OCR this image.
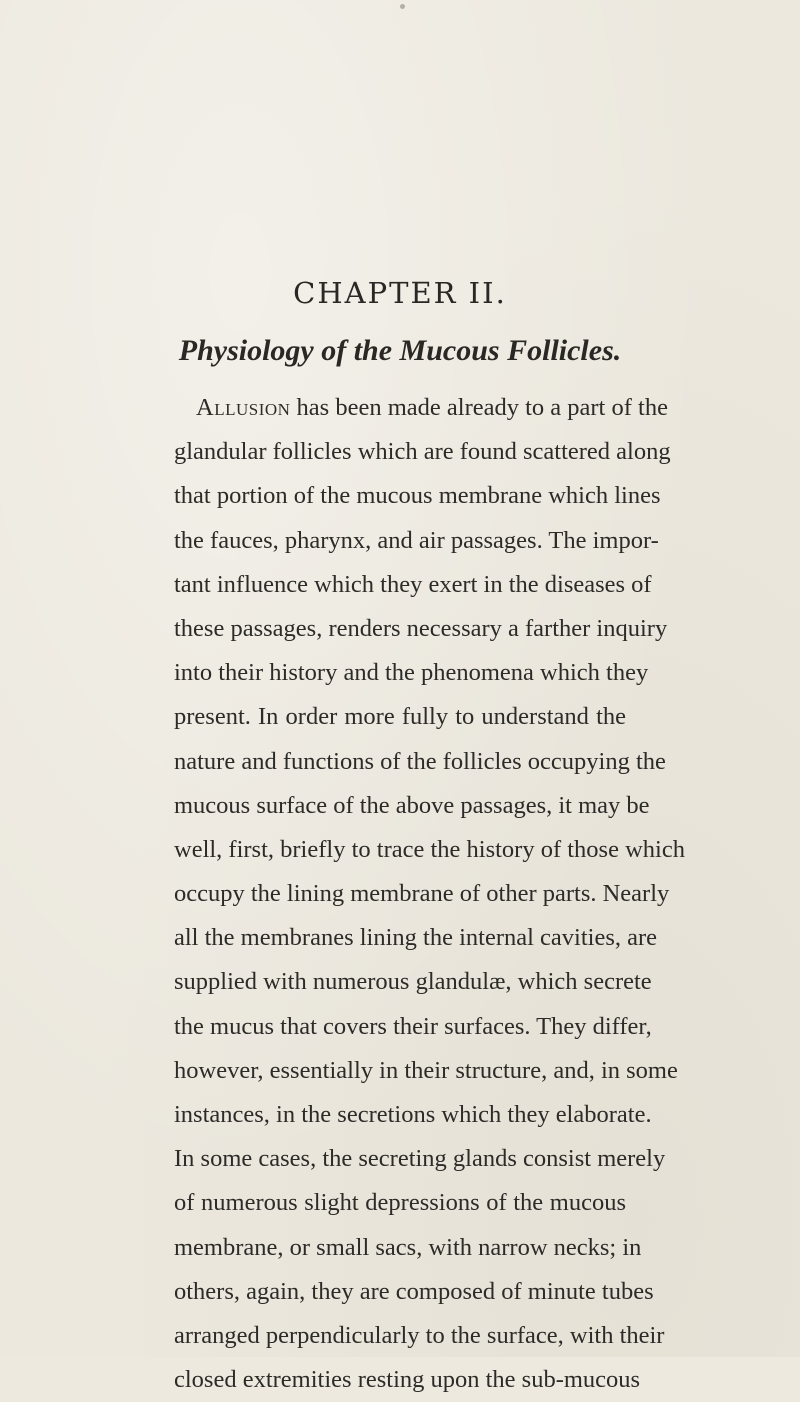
CHAPTER II.
Physiology of the Mucous Follicles.
Allusion has been made already to a part of the
glandular follicles which are found scattered along
that portion of the mucous membrane which lines
the fauces, pharynx, and air passages. The impor-
tant influence which they exert in the diseases of
these passages, renders necessary a farther inquiry
into their history and the phenomena which they
present. In order more fully to understand the
nature and functions of the follicles occupying the
mucous surface of the above passages, it may be
well, first, briefly to trace the history of those which
occupy the lining membrane of other parts. Nearly
all the membranes lining the internal cavities, are
supplied with numerous glandulæ, which secrete
the mucus that covers their surfaces. They differ,
however, essentially in their structure, and, in some
instances, in the secretions which they elaborate.
In some cases, the secreting glands consist merely
of numerous slight depressions of the mucous
membrane, or small sacs, with narrow necks; in
others, again, they are composed of minute tubes
arranged perpendicularly to the surface, with their
closed extremities resting upon the sub-mucous
